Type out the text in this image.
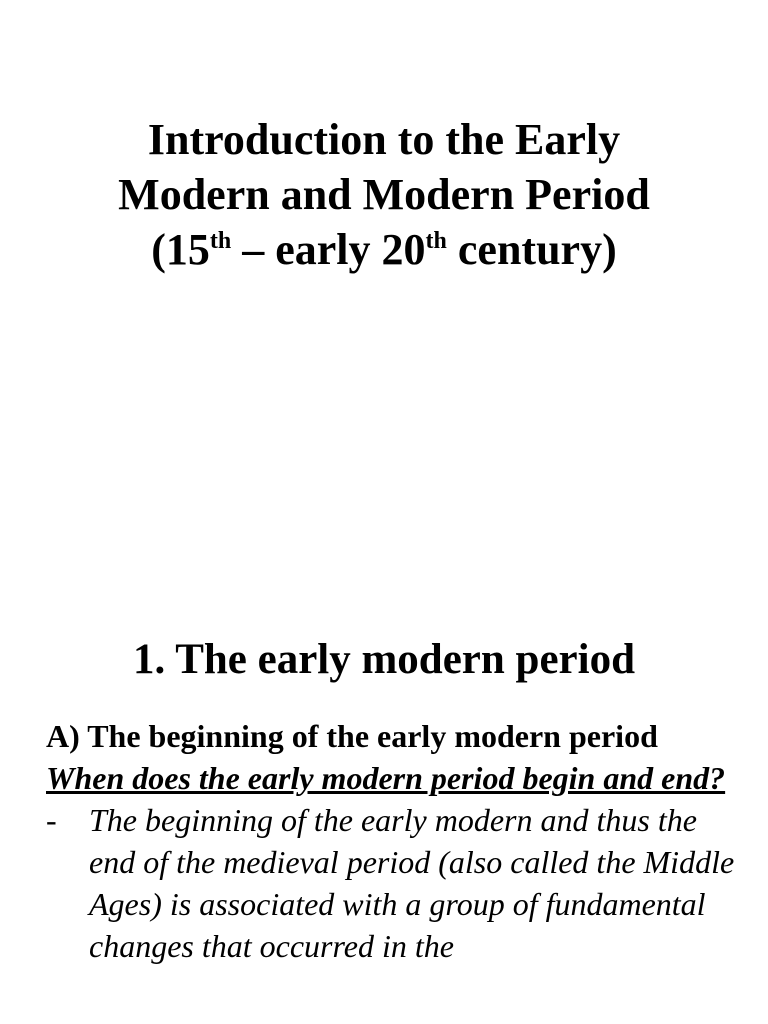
Introduction to the Early
Modern and Modern Period
(15th – early 20th century)
1. The early modern period
A) The beginning of the early modern period
When does the early modern period begin and end?
-	The beginning of the early modern and thus the end of the medieval period (also called the Middle Ages) is associated with a group of fundamental changes that occurred in the
